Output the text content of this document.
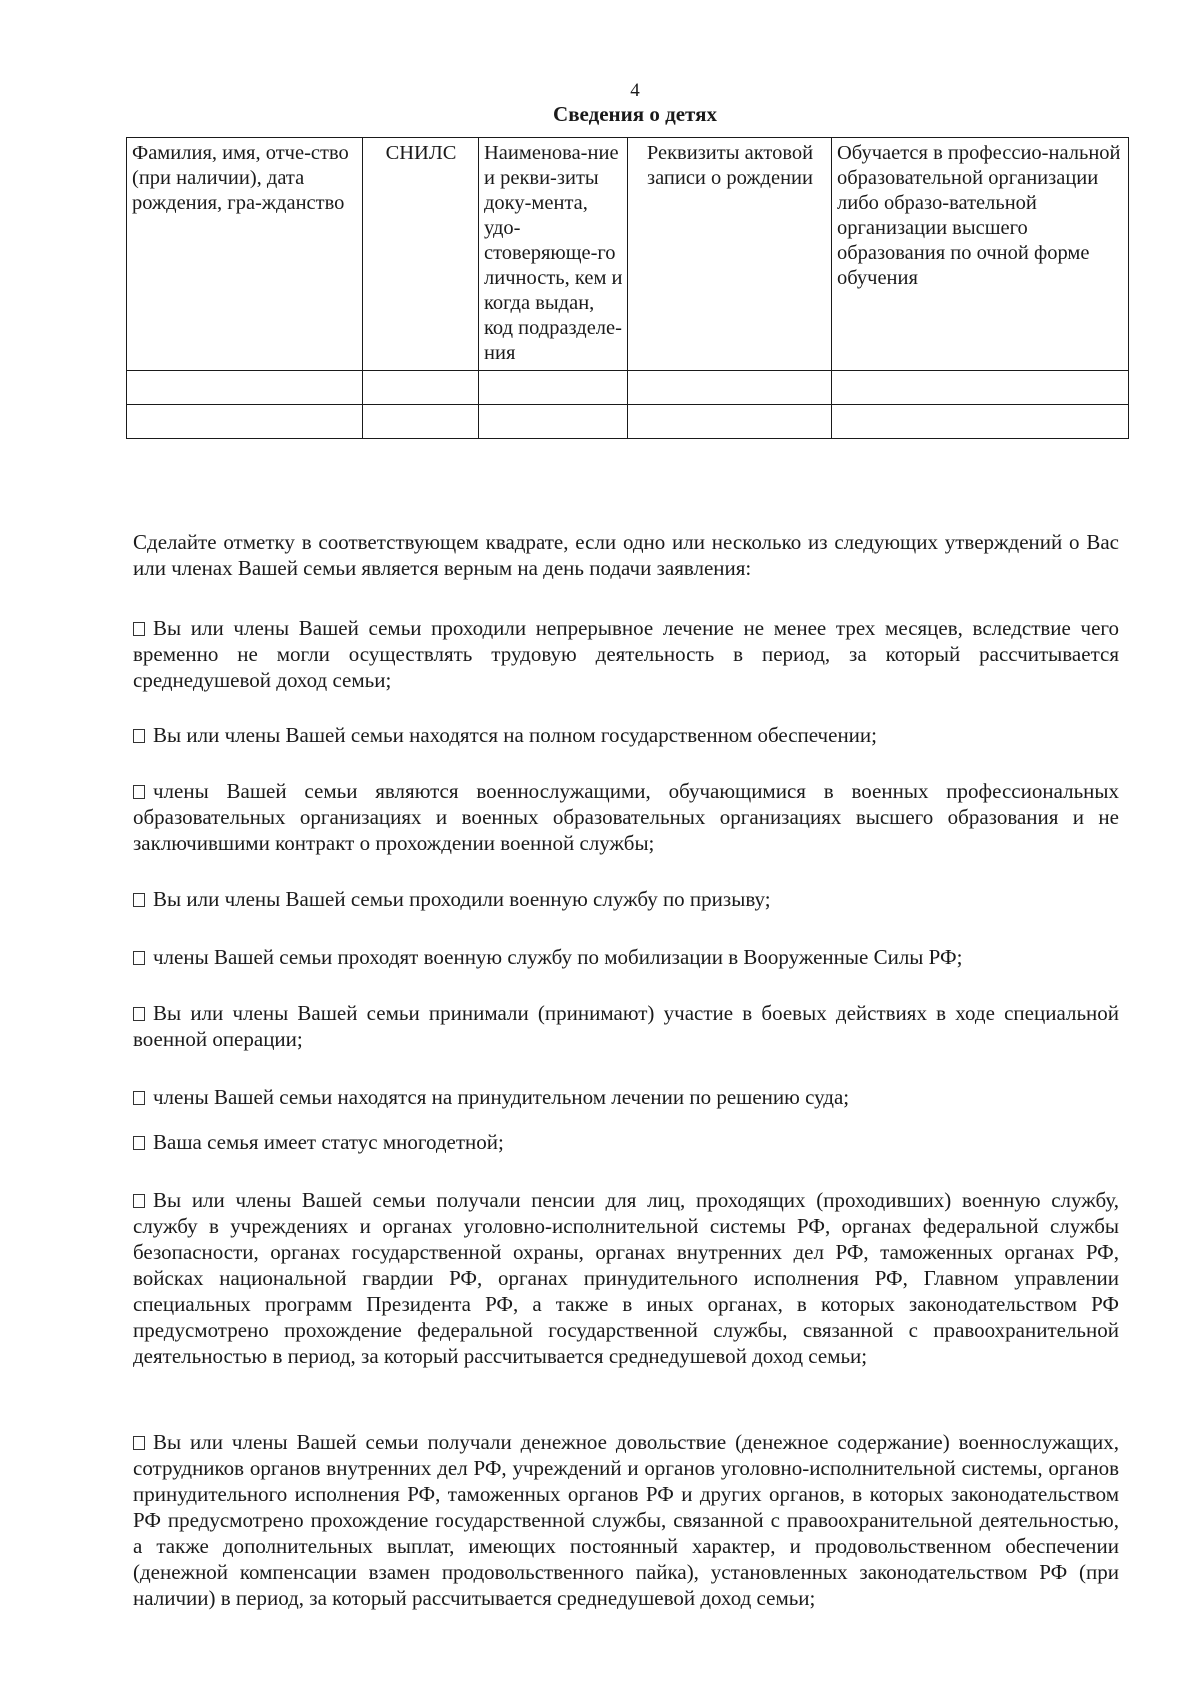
4
Сведения о детях
Фамилия, имя, отче-ство (при наличии), дата рождения, гра-жданство	СНИЛС	Наименова-ние и рекви-зиты доку-мента, удо-стоверяюще-го личность, кем и когда выдан, код подразделе-ния	Реквизиты актовой записи о рождении	Обучается в профессио-нальной образовательной организации либо образо-вательной организации высшего образования по очной форме обучения

Сделайте отметку в соответствующем квадрате, если одно или несколько из следующих утверждений о Вас или членах Вашей семьи является верным на день подачи заявления:
Вы или члены Вашей семьи проходили непрерывное лечение не менее трех месяцев, вследствие чего временно не могли осуществлять трудовую деятельность в период, за который рассчитывается среднедушевой доход семьи;
Вы или члены Вашей семьи находятся на полном государственном обеспечении;
члены Вашей семьи являются военнослужащими, обучающимися в военных профессиональных образовательных организациях и военных образовательных организациях высшего образования и не заключившими контракт о прохождении военной службы;
Вы или члены Вашей семьи проходили военную службу по призыву;
члены Вашей семьи проходят военную службу по мобилизации в Вооруженные Силы РФ;
Вы или члены Вашей семьи принимали (принимают) участие в боевых действиях в ходе специальной военной операции;
члены Вашей семьи находятся на принудительном лечении по решению суда;
Ваша семья имеет статус многодетной;
Вы или члены Вашей семьи получали пенсии для лиц, проходящих (проходивших) военную службу, службу в учреждениях и органах уголовно-исполнительной системы РФ, органах федеральной службы безопасности, органах государственной охраны, органах внутренних дел РФ, таможенных органах РФ, войсках национальной гвардии РФ, органах принудительного исполнения РФ, Главном управлении специальных программ Президента РФ, а также в иных органах, в которых законодательством РФ предусмотрено прохождение федеральной государственной службы, связанной с правоохранительной деятельностью в период, за который рассчитывается среднедушевой доход семьи;
Вы или члены Вашей семьи получали денежное довольствие (денежное содержание) военнослужащих, сотрудников органов внутренних дел РФ, учреждений и органов уголовно-исполнительной системы, органов принудительного исполнения РФ, таможенных органов РФ и других органов, в которых законодательством РФ предусмотрено прохождение государственной службы, связанной с правоохранительной деятельностью, а также дополнительных выплат, имеющих постоянный характер, и продовольственном обеспечении (денежной компенсации взамен продовольственного пайка), установленных законодательством РФ (при наличии) в период, за который рассчитывается среднедушевой доход семьи;
